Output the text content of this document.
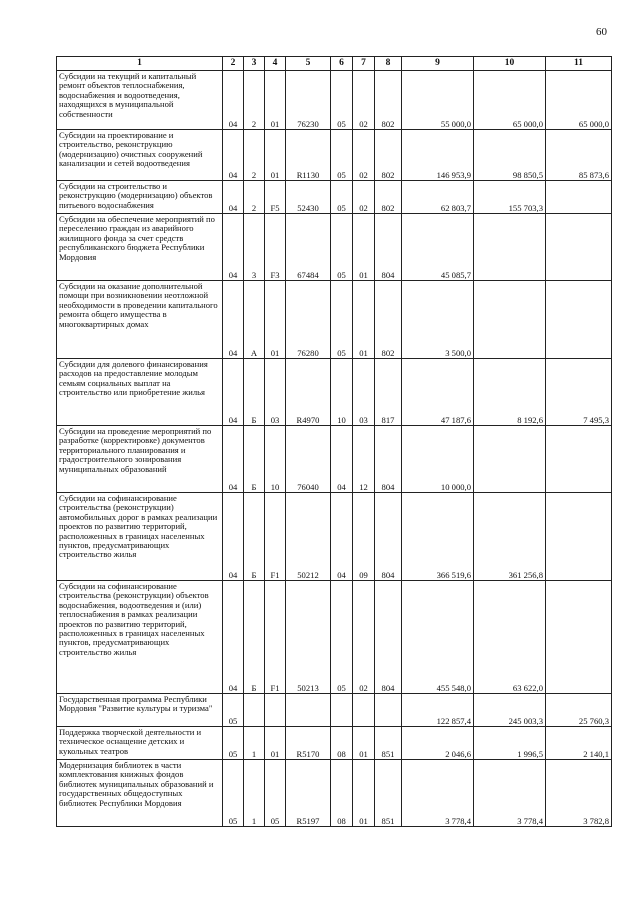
60
1	2	3	4	5	6	7	8	9	10	11
Субсидии на текущий и капитальный ремонт объектов теплоснабжения, водоснабжения и водоотведения, находящихся в муниципальной собственности	04	2	01	76230	05	02	802	55 000,0	65 000,0	65 000,0
Субсидии на проектирование и строительство, реконструкцию (модернизацию) очистных сооружений канализации и сетей водоотведения	04	2	01	R1130	05	02	802	146 953,9	98 850,5	85 873,6
Субсидии на строительство и реконструкцию (модернизацию) объектов питьевого водоснабжения	04	2	F5	52430	05	02	802	62 803,7	155 703,3	
Субсидии на обеспечение мероприятий по переселению граждан из аварийного жилищного фонда за счет средств республиканского бюджета Республики Мордовия	04	3	F3	67484	05	01	804	45 085,7		
Субсидии на оказание дополнительной помощи при возникновении неотложной необходимости в проведении капитального ремонта общего имущества в многоквартирных домах	04	А	01	76280	05	01	802	3 500,0		
Субсидии для долевого финансирования расходов на предоставление молодым семьям социальных выплат на строительство или приобретение жилья	04	Б	03	R4970	10	03	817	47 187,6	8 192,6	7 495,3
Субсидии на проведение мероприятий по разработке (корректировке) документов территориального планирования и градостроительного зонирования муниципальных образований	04	Б	10	76040	04	12	804	10 000,0		
Субсидии на софинансирование строительства (реконструкции) автомобильных дорог в рамках реализации проектов по развитию территорий, расположенных в границах населенных пунктов, предусматривающих строительство жилья	04	Б	F1	50212	04	09	804	366 519,6	361 256,8	
Субсидии на софинансирование строительства (реконструкции) объектов водоснабжения, водоотведения и (или) теплоснабжения в рамках реализации проектов по развитию территорий, расположенных в границах населенных пунктов, предусматривающих строительство жилья	04	Б	F1	50213	05	02	804	455 548,0	63 622,0	
Государственная программа Республики Мордовия "Развитие культуры и туризма"	05							122 857,4	245 003,3	25 760,3
Поддержка творческой деятельности и техническое оснащение детских и кукольных театров	05	1	01	R5170	08	01	851	2 046,6	1 996,5	2 140,1
Модернизация библиотек в части комплектования книжных фондов библиотек муниципальных образований и государственных общедоступных библиотек Республики Мордовия	05	1	05	R5197	08	01	851	3 778,4	3 778,4	3 782,8
